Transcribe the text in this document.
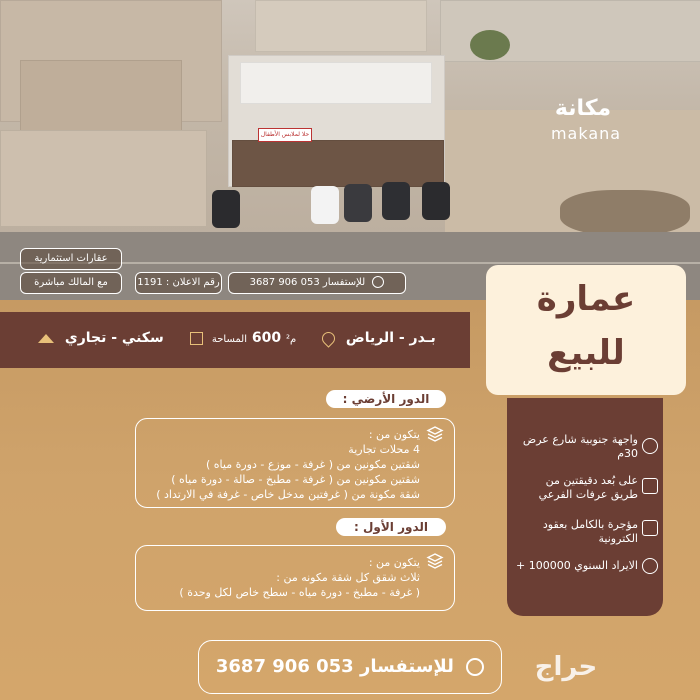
حلا لملابس الأطفال
مكانة
makana
عقارات استثمارية
مع المالك مباشرة	رقم الاعلان : 1191	للإستفسار 053 906 3687
بـدر - الرياض
م² 600 المساحة
سكني - تجاري
عمارة
للبيع
واجهة جنوبية شارع عرض 30م
على بُعد دقيقتين من طريق عرفات الفرعي
مؤجرة بالكامل بعقود الكترونية
الايراد السنوي 100000 +
الدور الأرضي :
يتكون من :
4 محلات تجارية
شقتين مكونين من ( غرفة - موزع - دورة مياه )
شقتين مكونين من ( غرفة - مطبخ - صالة - دورة مياه )
شقة مكونة من ( غرفتين مدخل خاص - غرفة في الارتداد )
الدور الأول :
يتكون من :
ثلاث شقق كل شقة مكونه من :
( غرفة - مطبخ - دورة مياه - سطح خاص لكل وحدة )
للإستفسار 053 906 3687	حراج
